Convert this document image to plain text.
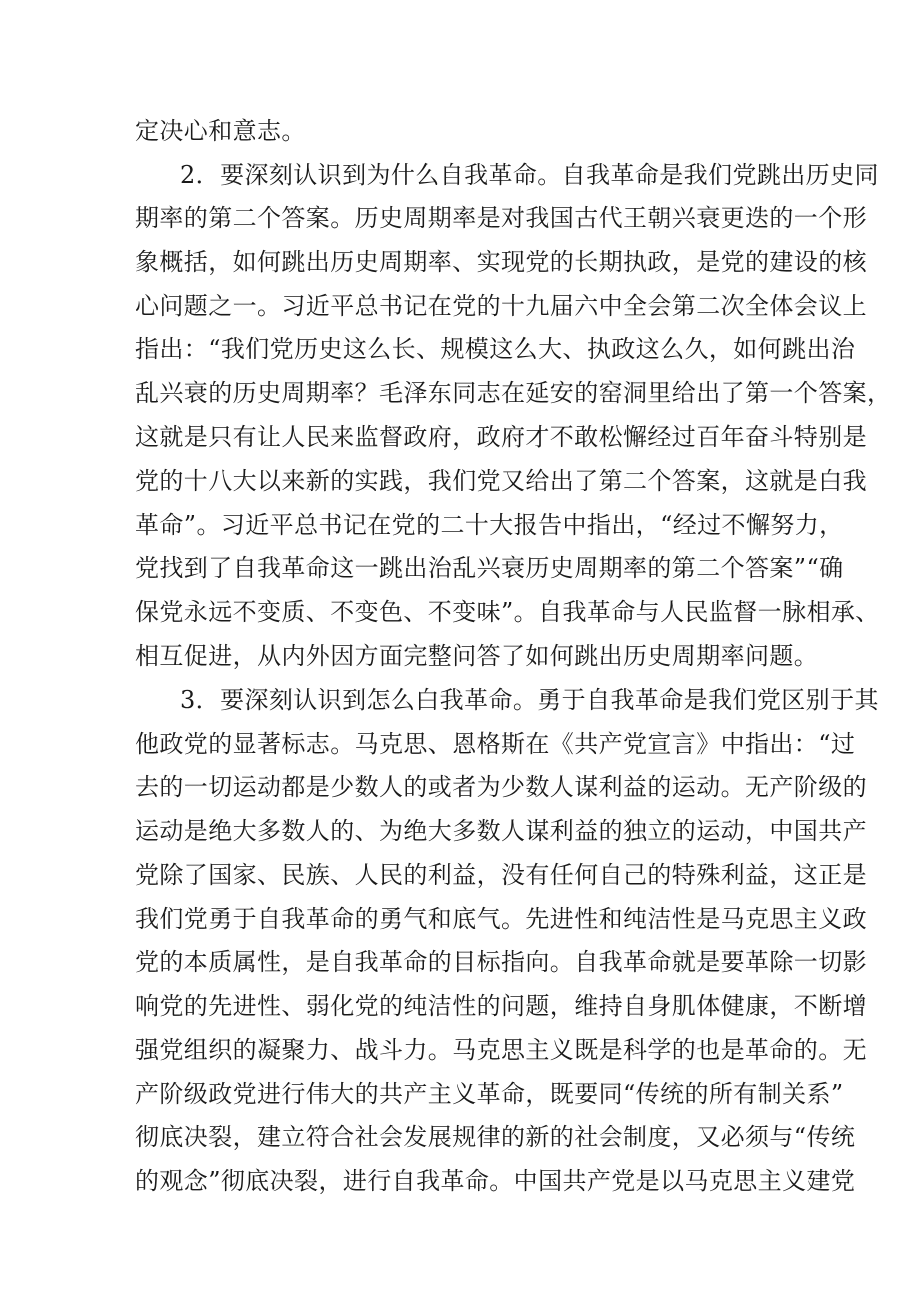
定决心和意志。
2．要深刻认识到为什么自我革命。自我革命是我们党跳出历史同
期率的第二个答案。历史周期率是对我国古代王朝兴衰更迭的一个形
象概括，如何跳出历史周期率、实现党的长期执政，是党的建设的核
心问题之一。习近平总书记在党的十九届六中全会第二次全体会议上
指出：“我们党历史这么长、规模这么大、执政这么久，如何跳出治
乱兴衰的历史周期率？毛泽东同志在延安的窑洞里给出了第一个答案，
这就是只有让人民来监督政府，政府才不敢松懈经过百年奋斗特别是
党的十八大以来新的实践，我们党又给出了第二个答案，这就是白我
革命”。习近平总书记在党的二十大报告中指出，“经过不懈努力，
党找到了自我革命这一跳出治乱兴衰历史周期率的第二个答案”“确
保党永远不变质、不变色、不变味”。自我革命与人民监督一脉相承、
相互促进，从内外因方面完整问答了如何跳出历史周期率问题。
3．要深刻认识到怎么白我革命。勇于自我革命是我们党区别于其
他政党的显著标志。马克思、恩格斯在《共产党宣言》中指出：“过
去的一切运动都是少数人的或者为少数人谋利益的运动。无产阶级的
运动是绝大多数人的、为绝大多数人谋利益的独立的运动，中国共产
党除了国家、民族、人民的利益，没有任何自己的特殊利益，这正是
我们党勇于自我革命的勇气和底气。先进性和纯洁性是马克思主义政
党的本质属性，是自我革命的目标指向。自我革命就是要革除一切影
响党的先进性、弱化党的纯洁性的问题，维持自身肌体健康，不断增
强党组织的凝聚力、战斗力。马克思主义既是科学的也是革命的。无
产阶级政党进行伟大的共产主义革命，既要同“传统的所有制关系”
彻底决裂，建立符合社会发展规律的新的社会制度，又必须与“传统
的观念”彻底决裂，进行自我革命。中国共产党是以马克思主义建党
